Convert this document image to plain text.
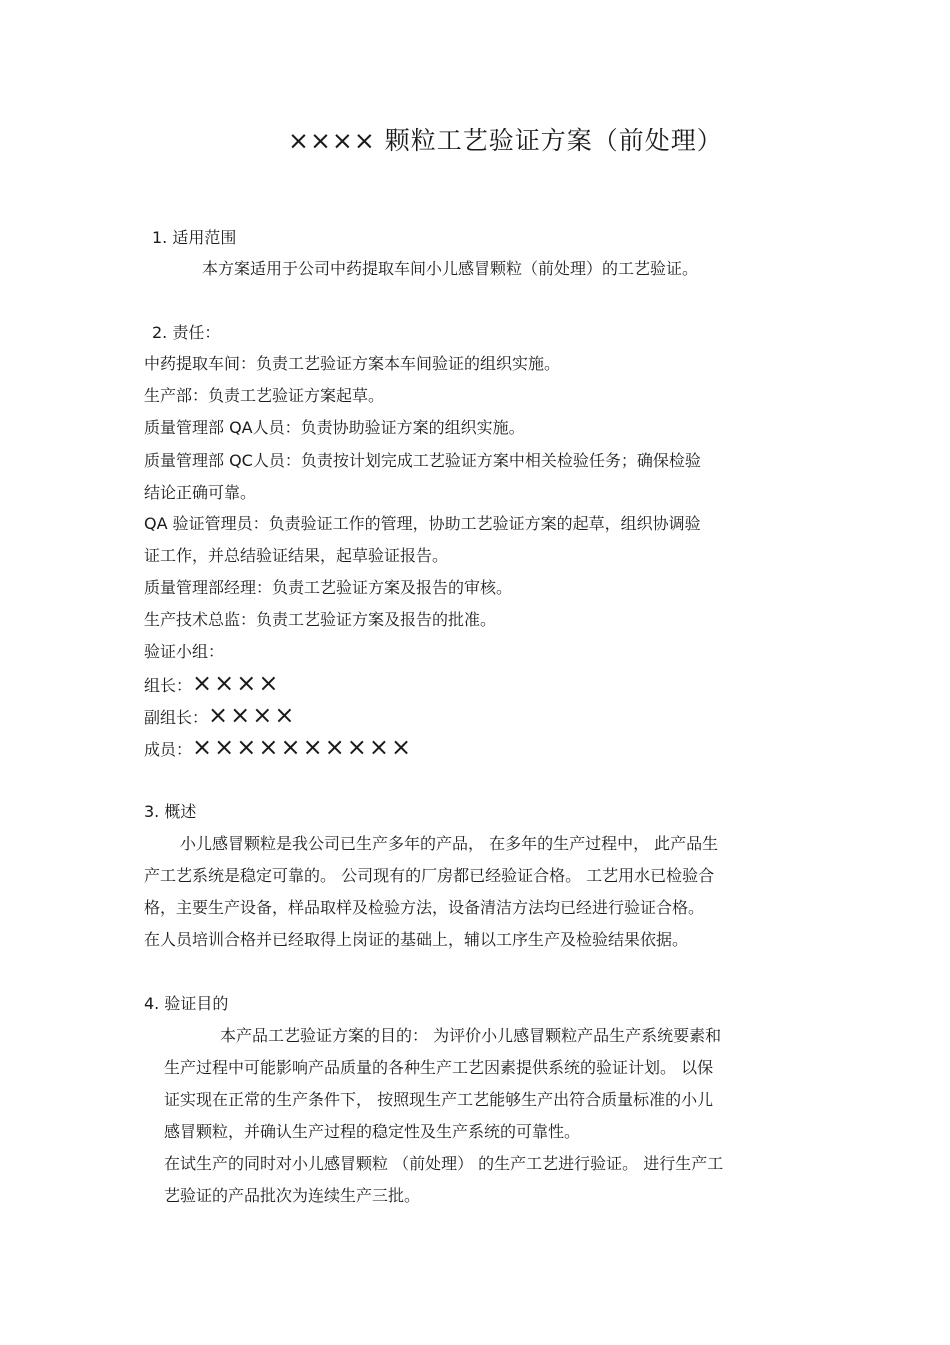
×××× 颗粒工艺验证方案（前处理）
1. 适用范围
本方案适用于公司中药提取车间小儿感冒颗粒（前处理）的工艺验证。
2. 责任：
中药提取车间：负责工艺验证方案本车间验证的组织实施。
生产部：负责工艺验证方案起草。
质量管理部 QA人员：负责协助验证方案的组织实施。
质量管理部 QC人员：负责按计划完成工艺验证方案中相关检验任务；确保检验
结论正确可靠。
QA 验证管理员：负责验证工作的管理，协助工艺验证方案的起草，组织协调验
证工作，并总结验证结果，起草验证报告。
质量管理部经理：负责工艺验证方案及报告的审核。
生产技术总监：负责工艺验证方案及报告的批准。
验证小组：
组长：××××
副组长：××××
成员：××××××××××
3. 概述
小儿感冒颗粒是我公司已生产多年的产品， 在多年的生产过程中， 此产品生
产工艺系统是稳定可靠的。 公司现有的厂房都已经验证合格。 工艺用水已检验合
格，主要生产设备，样品取样及检验方法，设备清洁方法均已经进行验证合格。
在人员培训合格并已经取得上岗证的基础上，辅以工序生产及检验结果依据。
4. 验证目的
本产品工艺验证方案的目的： 为评价小儿感冒颗粒产品生产系统要素和
生产过程中可能影响产品质量的各种生产工艺因素提供系统的验证计划。 以保
证实现在正常的生产条件下， 按照现生产工艺能够生产出符合质量标准的小儿
感冒颗粒，并确认生产过程的稳定性及生产系统的可靠性。
在试生产的同时对小儿感冒颗粒 （前处理） 的生产工艺进行验证。 进行生产工
艺验证的产品批次为连续生产三批。
